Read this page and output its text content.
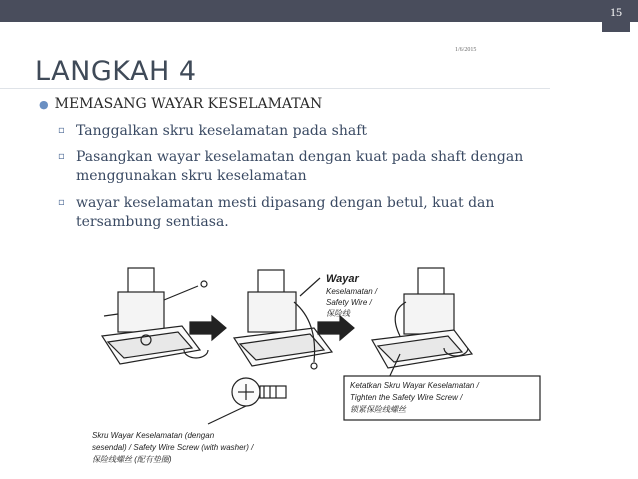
15
1/6/2015
LANGKAH 4
● MEMASANG WAYAR KESELAMATAN
▫ Tanggalkan skru keselamatan pada shaft
▫ Pasangkan wayar keselamatan dengan kuat pada shaft dengan
menggunakan skru keselamatan
▫ wayar keselamatan mesti dipasang dengan betul, kuat dan
tersambung sentiasa.
Wayar
Keselamatan /
Safety Wire /
保险线
Ketatkan Skru Wayar Keselamatan /
Tighten the Safety Wire Screw /
锁紧保险线螺丝
Skru Wayar Keselamatan (dengan
sesendal) / Safety Wire Screw (with washer) /
保险线螺丝 (配有垫圈)
